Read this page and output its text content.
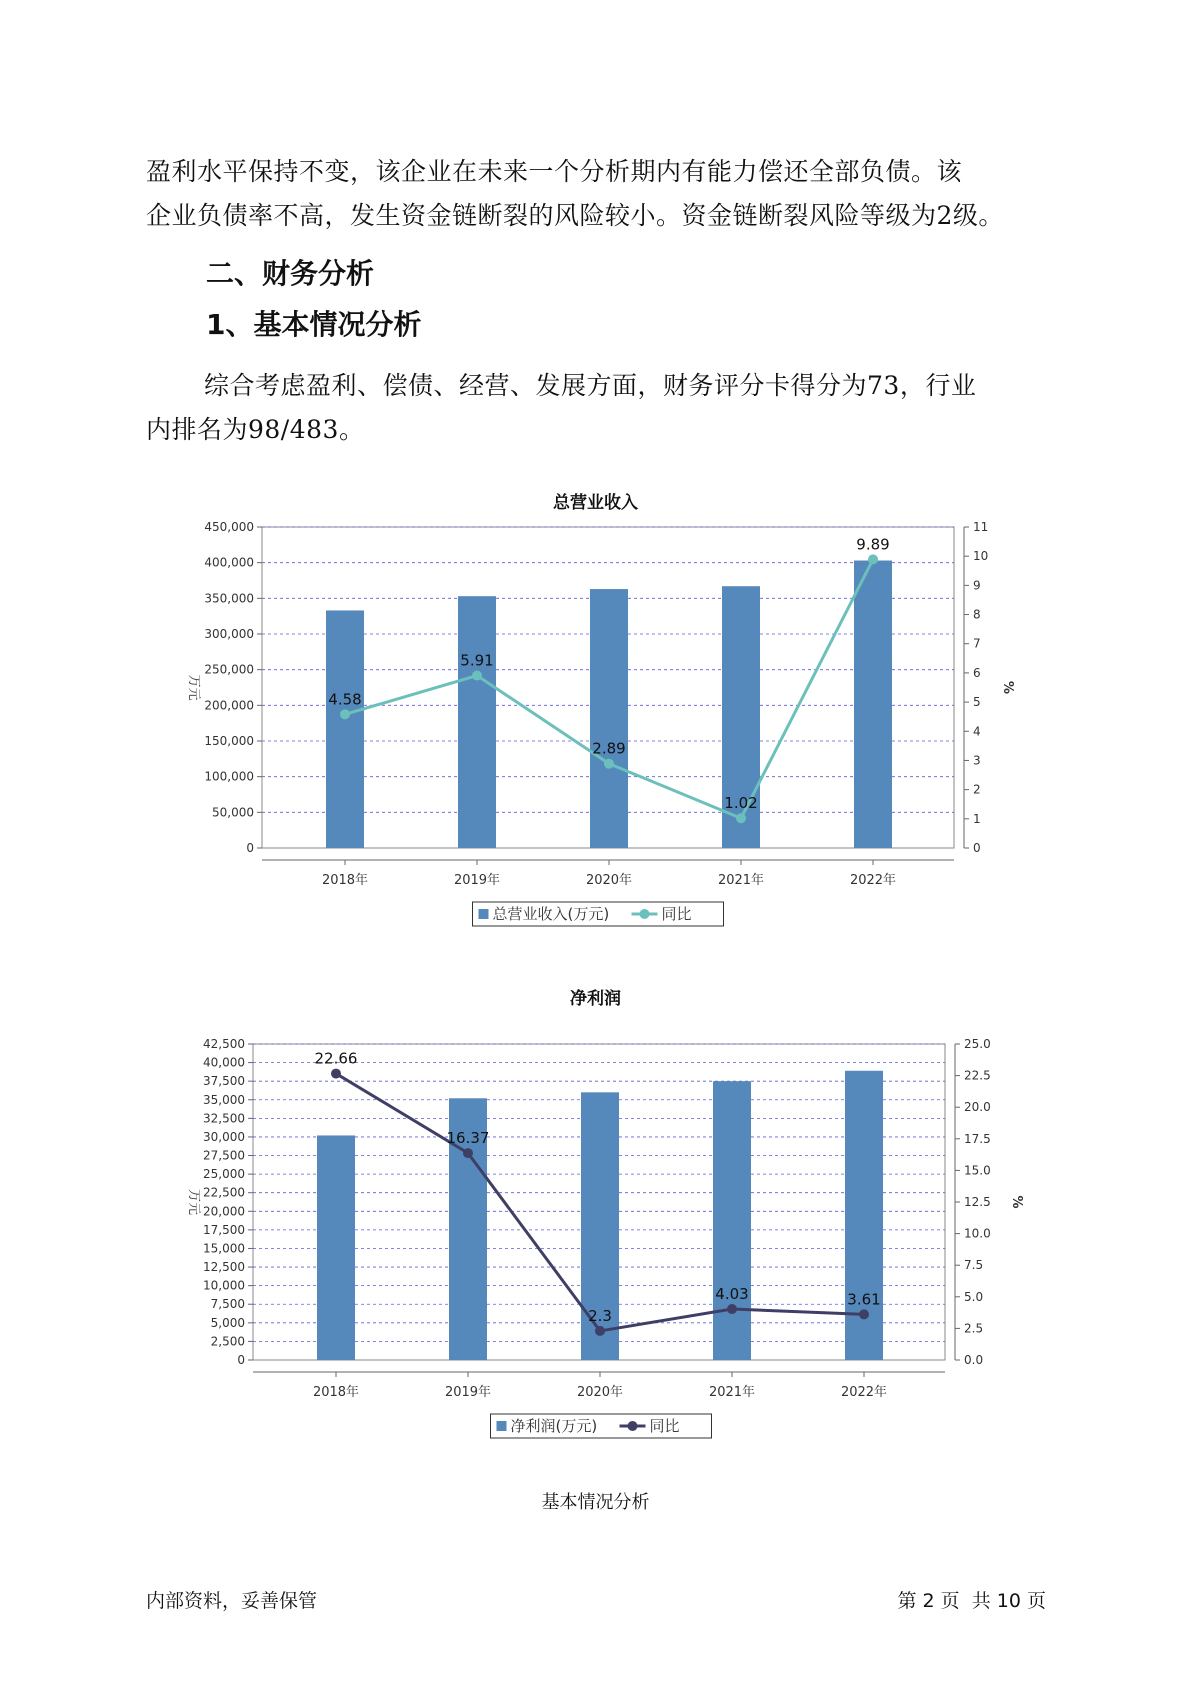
盈利水平保持不变，该企业在未来一个分析期内有能力偿还全部负债。该
企业负债率不高，发生资金链断裂的风险较小。资金链断裂风险等级为2级。

二、财务分析
1、基本情况分析

综合考虑盈利、偿债、经营、发展方面，财务评分卡得分为73，行业
内排名为98/483。

总营业收入
0
50,000
100,000
150,000
200,000
250,000
300,000
350,000
400,000
450,000
0
1
2
3
4
5
6
7
8
9
10
11
万元	%
2018年	2019年	2020年	2021年	2022年
4.58
5.91
2.89
1.02
9.89
总营业收入(万元)	同比
净利润
0
2,500
5,000
7,500
10,000
12,500
15,000
17,500
20,000
22,500
25,000
27,500
30,000
32,500
35,000
37,500
40,000
42,500
0.0
2.5
5.0
7.5
10.0
12.5
15.0
17.5
20.0
22.5
25.0
万元	%
2018年	2019年	2020年	2021年	2022年
22.66
16.37
2.3
4.03	3.61
净利润(万元)	同比
基本情况分析
内部资料，妥善保管	第 2 页  共 10 页
